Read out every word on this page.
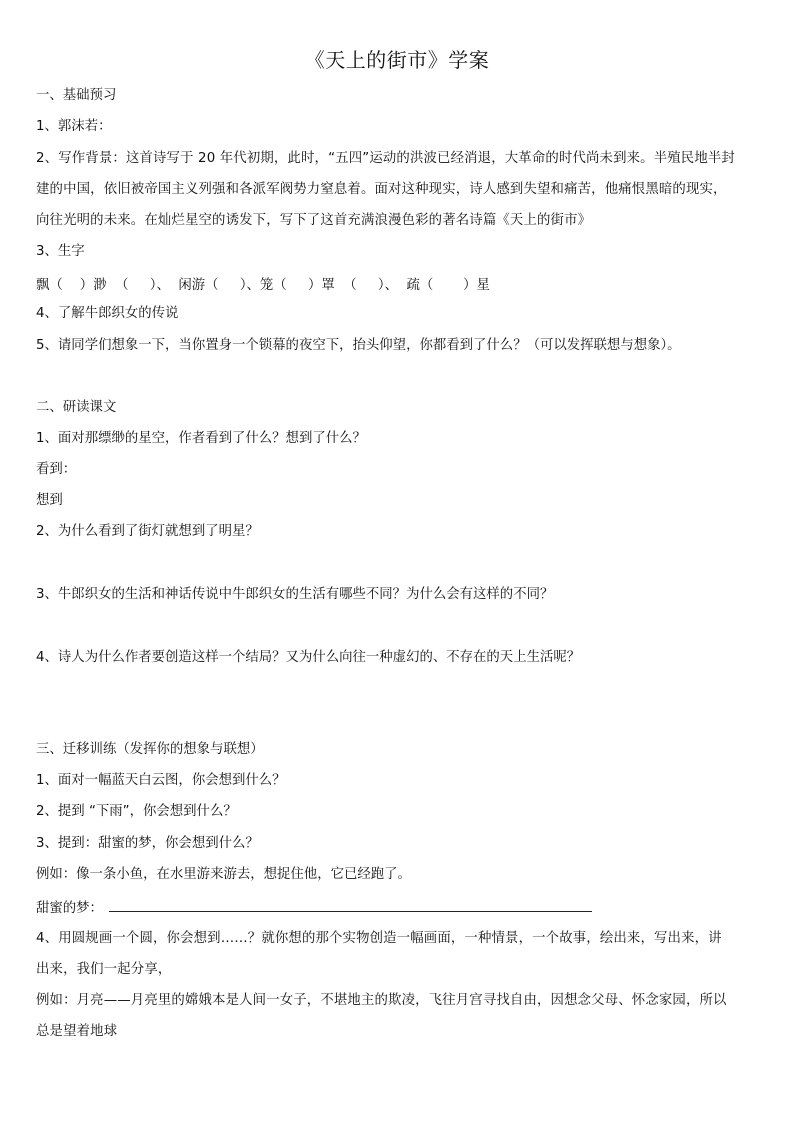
《天上的街市》学案
一、基础预习
1、郭沫若：
2、写作背景：这首诗写于 20 年代初期，此时，“五四”运动的洪波已经消退，大革命的时代尚未到来。半殖民地半封
建的中国，依旧被帝国主义列强和各派军阀势力窒息着。面对这种现实，诗人感到失望和痛苦，他痛恨黑暗的现实，
向往光明的未来。在灿烂星空的诱发下，写下了这首充满浪漫色彩的著名诗篇《天上的街市》
3、生字
飘（    ）渺  （     ）、  闲游（     ）、笼（     ）罩  （     ）、  疏（       ）星
4、了解牛郎织女的传说
5、请同学们想象一下，当你置身一个锁幕的夜空下，抬头仰望，你都看到了什么？（可以发挥联想与想象）。
二、研读课文
1、面对那缥缈的星空，作者看到了什么？想到了什么？
看到：
想到
2、为什么看到了街灯就想到了明星？
3、牛郎织女的生活和神话传说中牛郎织女的生活有哪些不同？为什么会有这样的不同？
4、诗人为什么作者要创造这样一个结局？又为什么向往一种虚幻的、不存在的天上生活呢？
三、迁移训练（发挥你的想象与联想）
1、面对一幅蓝天白云图，你会想到什么？
2、提到 “下雨”，你会想到什么？
3、提到：甜蜜的梦，你会想到什么？
例如：像一条小鱼，在水里游来游去，想捉住他，它已经跑了。
甜蜜的梦：
4、用圆规画一个圆，你会想到……？就你想的那个实物创造一幅画面，一种情景，一个故事，绘出来，写出来，讲
出来，我们一起分享，
例如：月亮——月亮里的嫦娥本是人间一女子，不堪地主的欺凌，飞往月宫寻找自由，因想念父母、怀念家园，所以
总是望着地球
